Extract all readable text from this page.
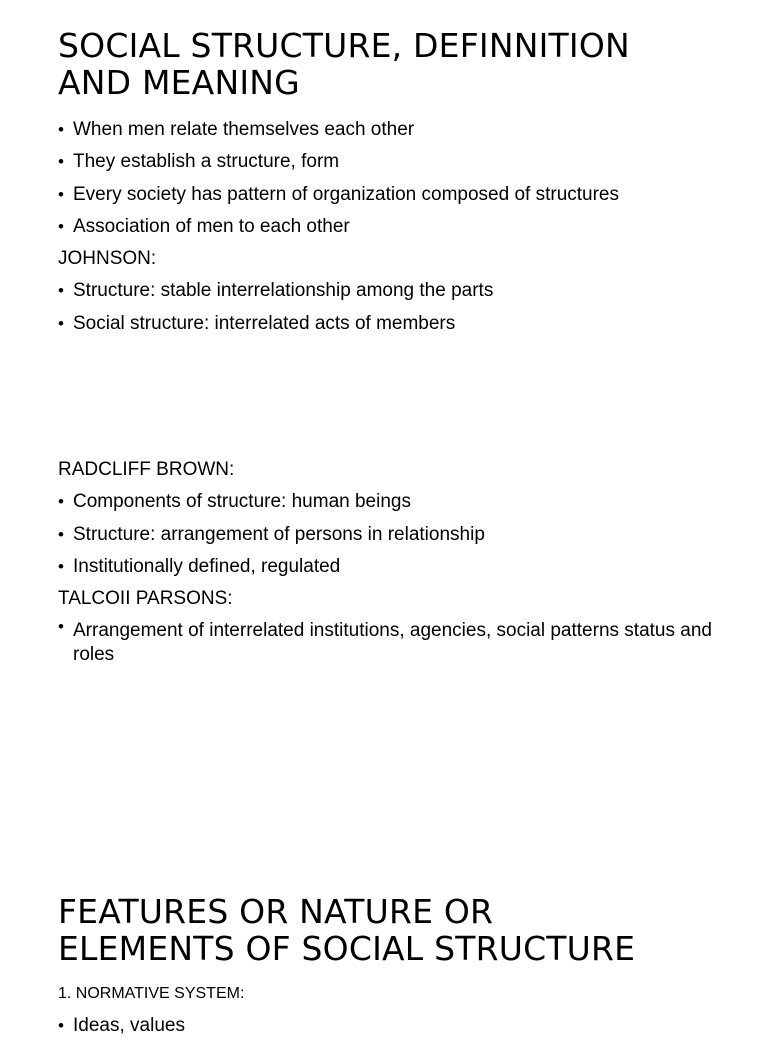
SOCIAL STRUCTURE, DEFINNITION
AND MEANING
• When men relate themselves each other
• They establish a structure, form
• Every society has pattern of organization composed of structures
• Association of men to each other
JOHNSON:
• Structure: stable interrelationship among the parts
• Social structure: interrelated acts of members
RADCLIFF BROWN:
• Components of structure: human beings
• Structure: arrangement of persons in relationship
• Institutionally defined, regulated
TALCOII PARSONS:
• Arrangement of interrelated institutions, agencies, social patterns status and roles
FEATURES OR NATURE OR
ELEMENTS OF SOCIAL STRUCTURE
1. NORMATIVE SYSTEM:
• Ideas, values
